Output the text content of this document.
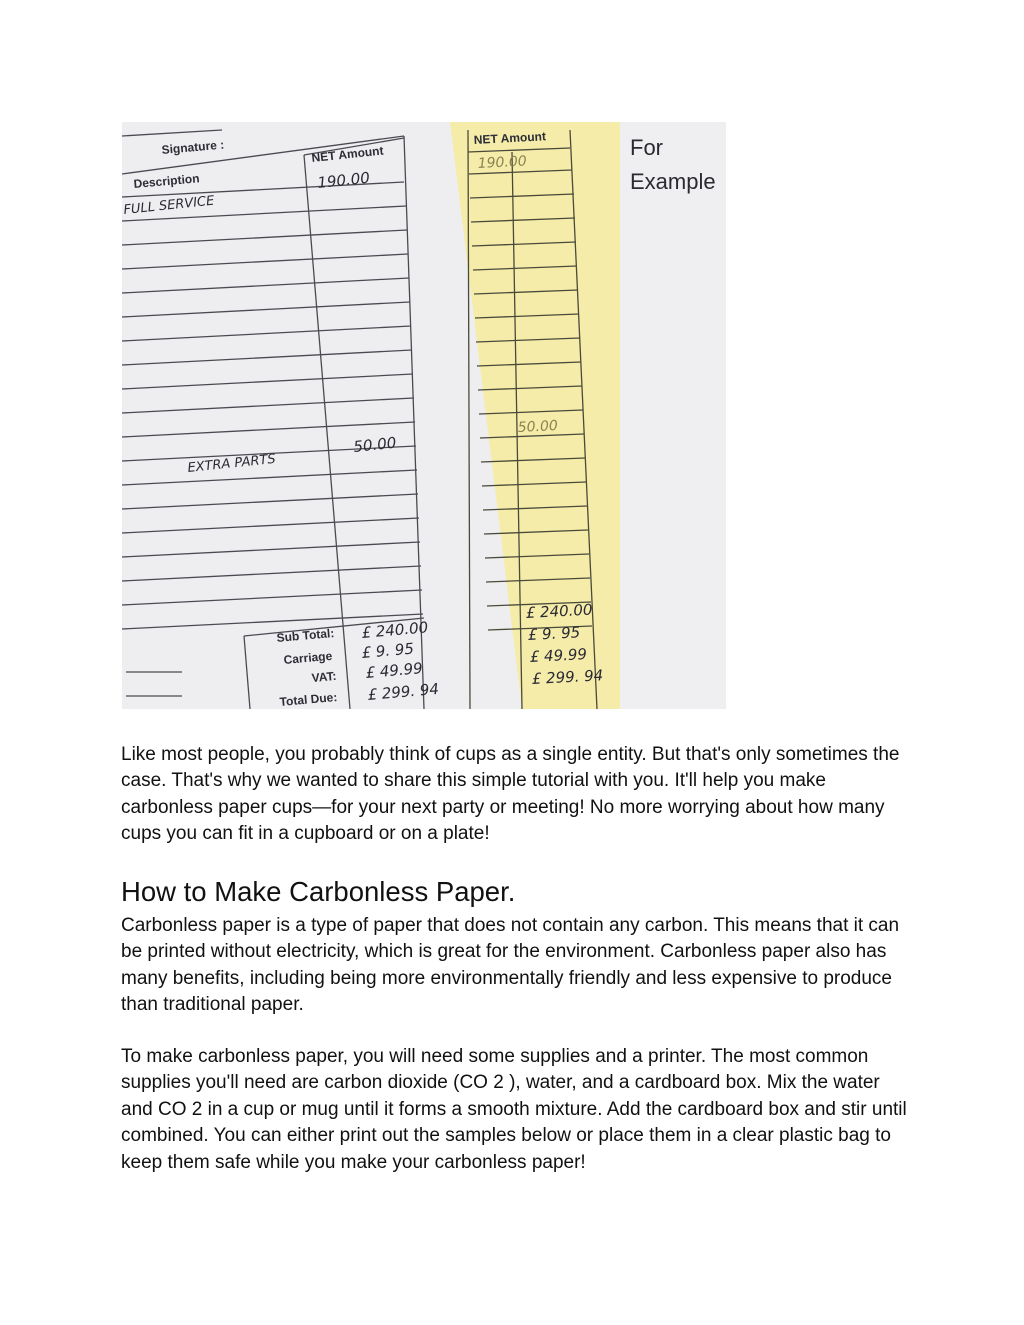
Signature :
Description
NET Amount
Sub Total:
Carriage
VAT:
Total Due:
FULL SERVICE
190.00
EXTRA PARTS
50.00
£ 240.00
£ 9. 95
£ 49.99
£ 299. 94
NET Amount
190.00
50.00
£ 240.00
£ 9. 95
£ 49.99
£ 299. 94
For
Example

Like most people, you probably think of cups as a single entity. But that's only sometimes the case. That's why we wanted to share this simple tutorial with you. It'll help you make carbonless paper cups—for your next party or meeting! No more worrying about how many cups you can fit in a cupboard or on a plate!

How to Make Carbonless Paper.

Carbonless paper is a type of paper that does not contain any carbon. This means that it can be printed without electricity, which is great for the environment. Carbonless paper also has many benefits, including being more environmentally friendly and less expensive to produce than traditional paper.

To make carbonless paper, you will need some supplies and a printer. The most common supplies you'll need are carbon dioxide (CO 2 ), water, and a cardboard box. Mix the water and CO 2 in a cup or mug until it forms a smooth mixture. Add the cardboard box and stir until combined. You can either print out the samples below or place them in a clear plastic bag to keep them safe while you make your carbonless paper!
